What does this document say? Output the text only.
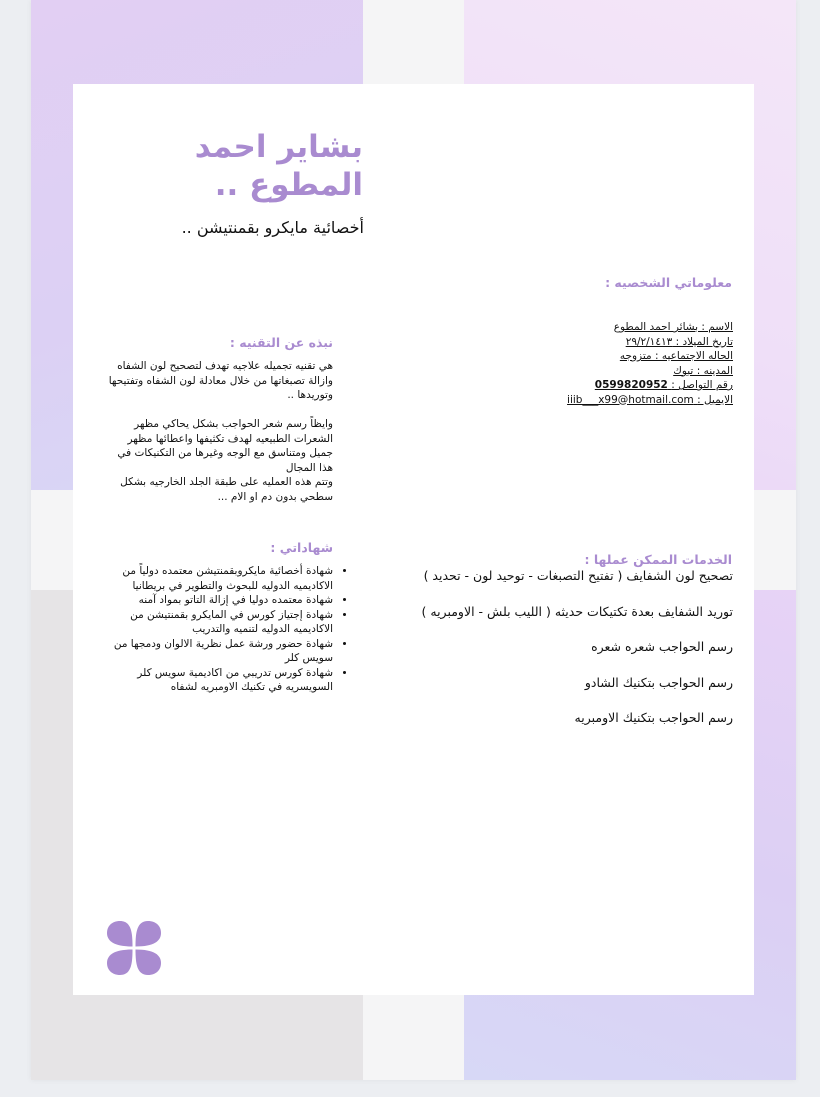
بشاير احمد
المطوع ..
أخصائية مايكرو بقمنتيشن ..
معلوماتي الشخصيه :
الاسم : بشائر احمد المطوع
تاريخ الميلاد : ٢٩/٢/١٤١٣
الحاله الاجتماعيه : متزوجه
المدينه : تبوك
رقم التواصل : 0599820952
الايميل : iiib___x99@hotmail.com
نبذه عن التقنيه :

هي تقنيه تجميله علاجيه تهدف لتصحيح لون الشفاه وازالة تصبغاتها من خلال معادلة لون الشفاه وتفتيحها وتوريدها ..

وايظاً رسم شعر الحواجب بشكل يحاكي مظهر الشعرات الطبيعيه لهدف تكثيفها واعطائها مظهر جميل ومتناسق مع الوجه وغيرها من التكنيكات في هذا المجال

وتتم هذه العمليه على طبقة الجلد الخارجيه بشكل سطحي بدون دم او الام ...

شهاداتي :
• شهادة أخصائية مايكروبقمنتيشن معتمده دولياً من الاكاديميه الدوليه للبحوث والتطوير في بريطانيا
• شهادة معتمده دوليا في إزالة التاتو بمواد آمنه
• شهادة إجتياز كورس في المايكرو بقمنتيشن من الاكاديميه الدوليه لتنميه والتدريب
• شهادة حضور ورشة عمل نظرية الالوان ودمجها من سويس كلر
• شهادة كورس تدريبي من اكاديمية سويس كلر السويسريه في تكنيك الاومبريه لشفاه
الخدمات الممكن عملها :
تصحيح لون الشفايف ( تفتيح التصبغات - توحيد لون - تحديد )
توريد الشفايف بعدة تكتيكات حديثه ( الليب بلش - الاومبريه )
رسم الحواجب شعره شعره
رسم الحواجب بتكنيك الشادو
رسم الحواجب بتكنيك الاومبريه
